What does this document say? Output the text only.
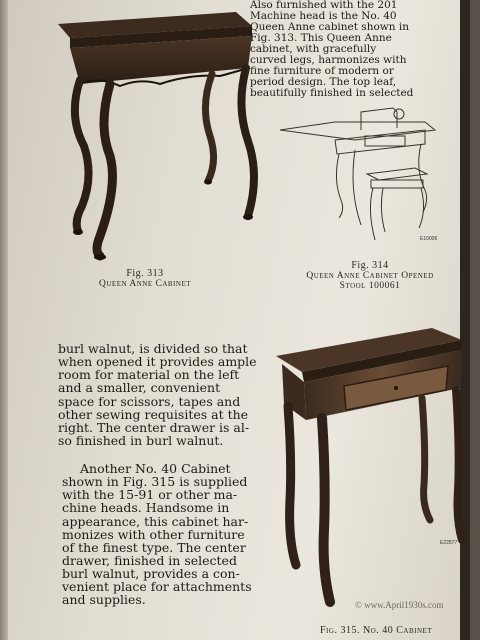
Also furnished with the 201

Machine head is the No. 40

Queen Anne cabinet shown in

Fig. 313. This Queen Anne

cabinet, with gracefully

curved legs, harmonizes with

fine furniture of modern or

period design. The top leaf,

beautifully finished in selected

E10006
Fig. 313
Queen Anne Cabinet
Fig. 314
Queen Anne Cabinet Opened
Stool 100061

burl walnut, is divided so that

when opened it provides ample

room for material on the left

and a smaller, convenient

space for scissors, tapes and

other sewing requisites at the

right. The center drawer is al-

so finished in burl walnut.

Another No. 40 Cabinet

shown in Fig. 315 is supplied

with the 15-91 or other ma-

chine heads. Handsome in

appearance, this cabinet har-

monizes with other furniture

of the finest type. The center

drawer, finished in selected

burl walnut, provides a con-

venient place for attachments

and supplies.

E22877
© www.April1930s.com
Fig. 315. No. 40 Cabinet
